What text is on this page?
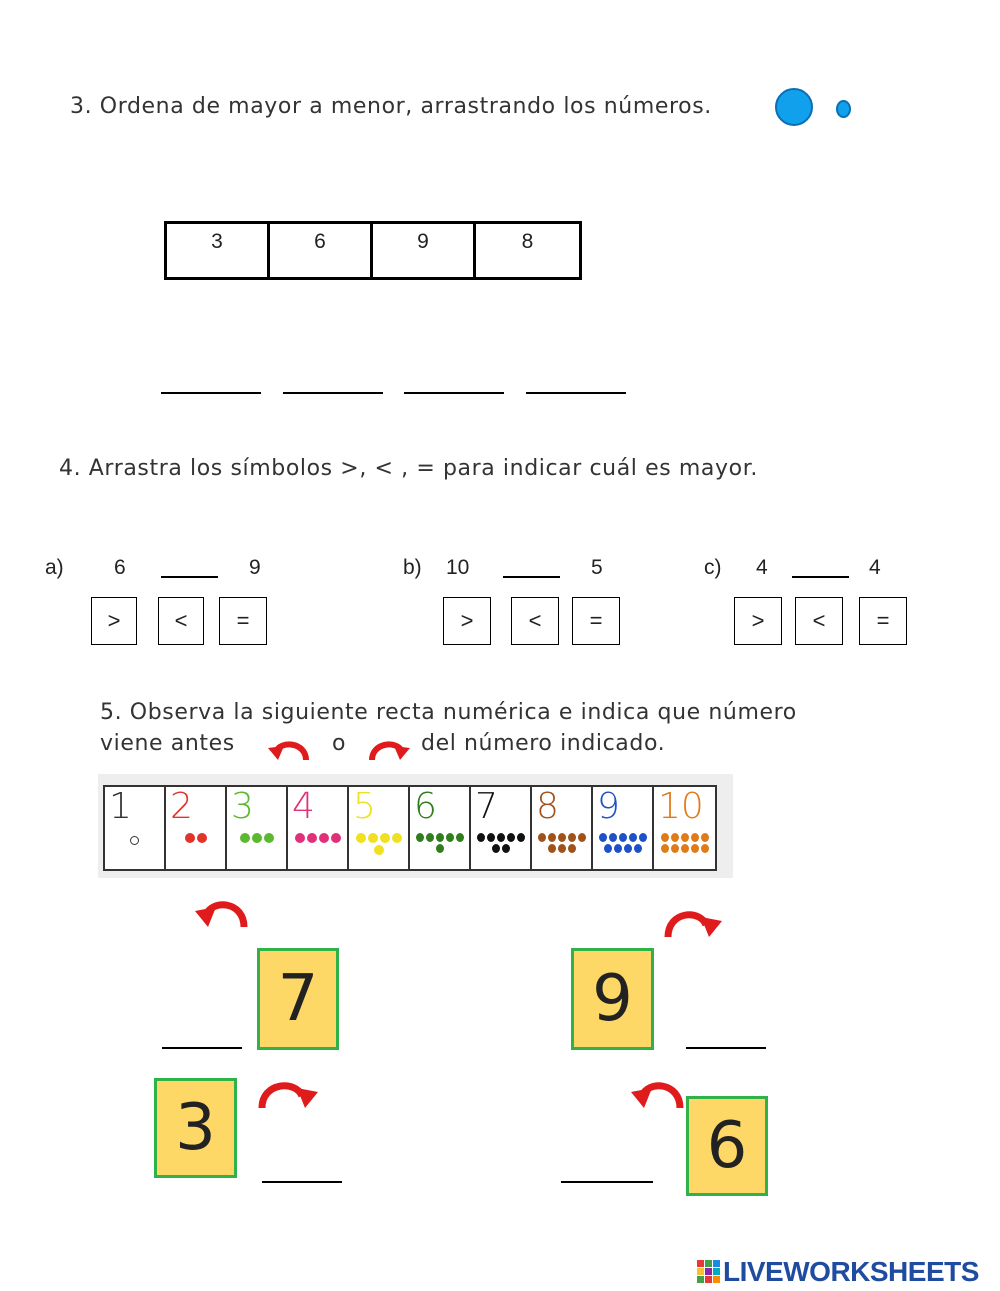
3. Ordena de mayor a menor, arrastrando los números.
3	6	9	8
4. Arrastra los símbolos >, < , = para indicar cuál es mayor.
a) 6	9
>	<	=
b) 10	5
>	<	=
c) 4	4
>	<	=
5. Observa la siguiente recta numérica e indica que número
viene antes	o	del número indicado.
1	2	3	4	5	6	7	8	9	10
7	9
3	6
LIVEWORKSHEETS
